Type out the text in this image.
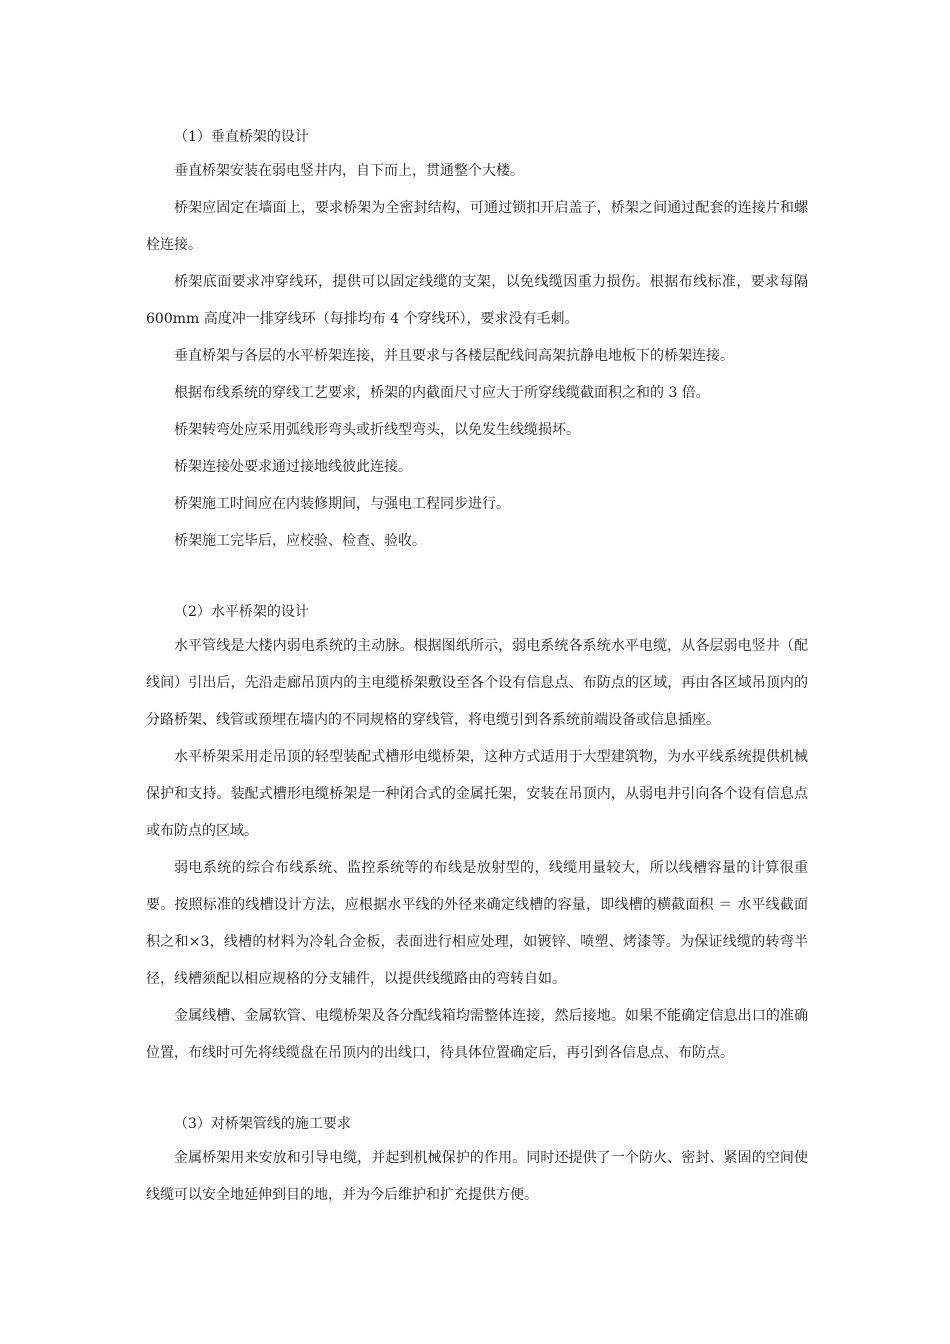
（1）垂直桥架的设计

垂直桥架安装在弱电竖井内，自下而上，贯通整个大楼。

桥架应固定在墙面上，要求桥架为全密封结构，可通过锁扣开启盖子，桥架之间通过配套的连接片和螺栓连接。

桥架底面要求冲穿线环，提供可以固定线缆的支架，以免线缆因重力损伤。根据布线标准，要求每隔600mm 高度冲一排穿线环（每排均布 4 个穿线环），要求没有毛刺。

垂直桥架与各层的水平桥架连接，并且要求与各楼层配线间高架抗静电地板下的桥架连接。

根据布线系统的穿线工艺要求，桥架的内截面尺寸应大于所穿线缆截面积之和的 3 倍。

桥架转弯处应采用弧线形弯头或折线型弯头，以免发生线缆损坏。

桥架连接处要求通过接地线彼此连接。

桥架施工时间应在内装修期间，与强电工程同步进行。

桥架施工完毕后，应校验、检查、验收。

（2）水平桥架的设计

水平管线是大楼内弱电系统的主动脉。根据图纸所示，弱电系统各系统水平电缆，从各层弱电竖井（配线间）引出后，先沿走廊吊顶内的主电缆桥架敷设至各个设有信息点、布防点的区域，再由各区域吊顶内的分路桥架、线管或预埋在墙内的不同规格的穿线管，将电缆引到各系统前端设备或信息插座。

水平桥架采用走吊顶的轻型装配式槽形电缆桥架，这种方式适用于大型建筑物，为水平线系统提供机械保护和支持。装配式槽形电缆桥架是一种闭合式的金属托架，安装在吊顶内，从弱电井引向各个设有信息点或布防点的区域。

弱电系统的综合布线系统、监控系统等的布线是放射型的，线缆用量较大，所以线槽容量的计算很重要。按照标准的线槽设计方法，应根据水平线的外径来确定线槽的容量，即线槽的横截面积 ＝ 水平线截面积之和×3，线槽的材料为冷轧合金板，表面进行相应处理，如镀锌、喷塑、烤漆等。为保证线缆的转弯半径，线槽须配以相应规格的分支辅件，以提供线缆路由的弯转自如。

金属线槽、金属软管、电缆桥架及各分配线箱均需整体连接，然后接地。如果不能确定信息出口的准确位置，布线时可先将线缆盘在吊顶内的出线口，待具体位置确定后，再引到各信息点、布防点。

（3）对桥架管线的施工要求

金属桥架用来安放和引导电缆，并起到机械保护的作用。同时还提供了一个防火、密封、紧固的空间使线缆可以安全地延伸到目的地，并为今后维护和扩充提供方便。
